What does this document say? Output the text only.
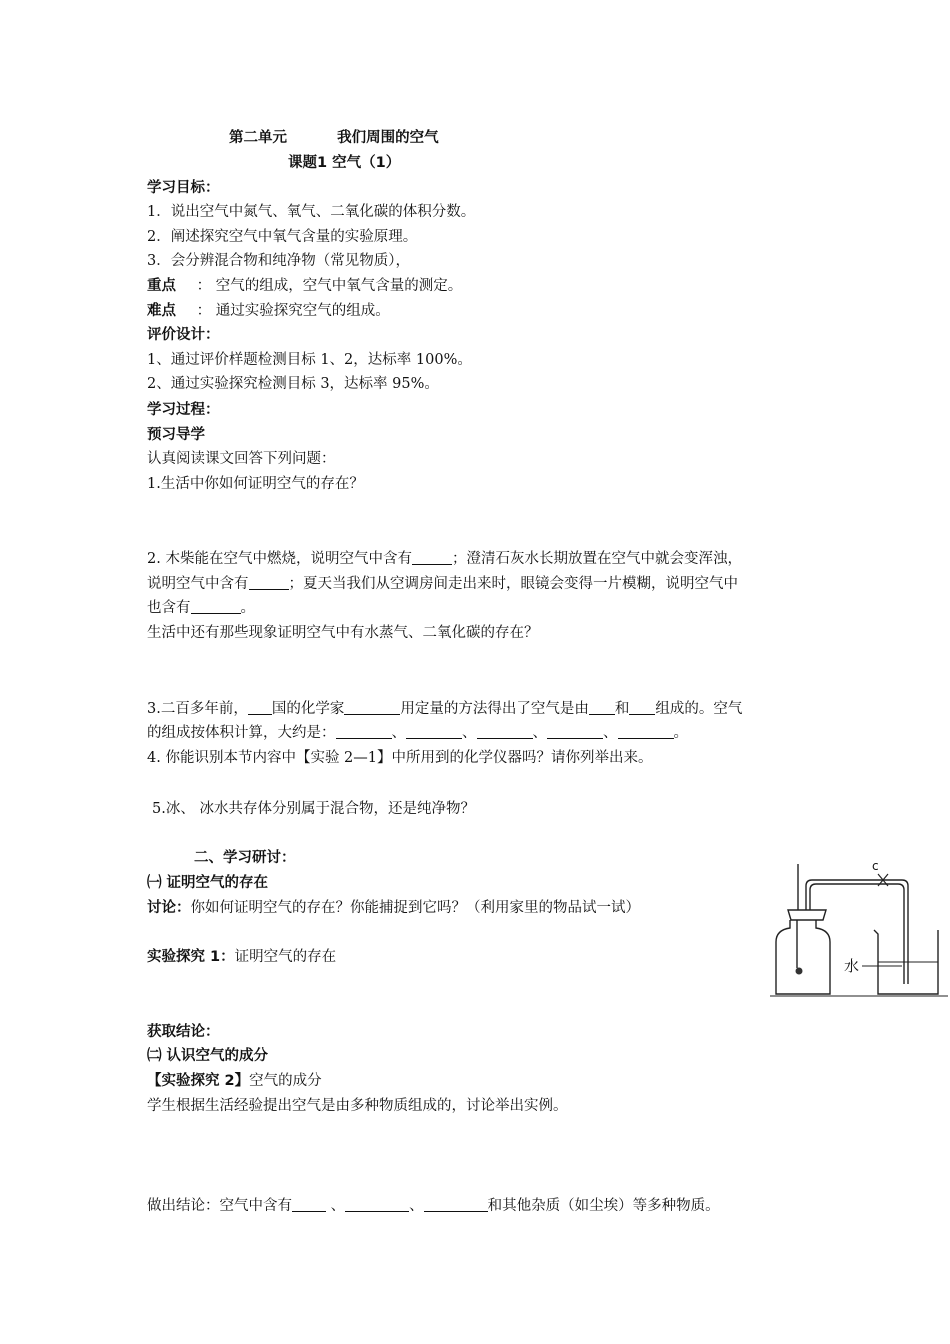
第二单元	我们周围的空气
课题1 空气（1）
学习目标：
1．说出空气中氮气、氧气、二氧化碳的体积分数。
2．阐述探究空气中氧气含量的实验原理。
3．会分辨混合物和纯净物（常见物质），
重点 ： 空气的组成，空气中氧气含量的测定。
难点 ： 通过实验探究空气的组成。
评价设计：
1、通过评价样题检测目标 1、2，达标率 100%。
2、通过实验探究检测目标 3，达标率 95%。
学习过程：
预习导学
认真阅读课文回答下列问题：
1.生活中你如何证明空气的存在？
2. 木柴能在空气中燃烧，说明空气中含有	；澄清石灰水长期放置在空气中就会变浑浊，
说明空气中含有	；夏天当我们从空调房间走出来时，眼镜会变得一片模糊，说明空气中
也含有	。
生活中还有那些现象证明空气中有水蒸气、二氧化碳的存在？
3.二百多年前， 国的化学家	用定量的方法得出了空气是由 和 组成的。空气
的组成按体积计算，大约是：	、	、	、	、	。
4. 你能识别本节内容中【实验 2—1】中所用到的化学仪器吗？请你列举出来。
5.冰、 冰水共存体分别属于混合物，还是纯净物？
二、学习研讨：
㈠ 证明空气的存在
讨论：你如何证明空气的存在？你能捕捉到它吗？（利用家里的物品试一试）
实验探究 1：证明空气的存在
获取结论：
㈡ 认识空气的成分
【实验探究 2】空气的成分
学生根据生活经验提出空气是由多种物质组成的，讨论举出实例。
做出结论：空气中含有 、	、	和其他杂质（如尘埃）等多种物质。
c
水
